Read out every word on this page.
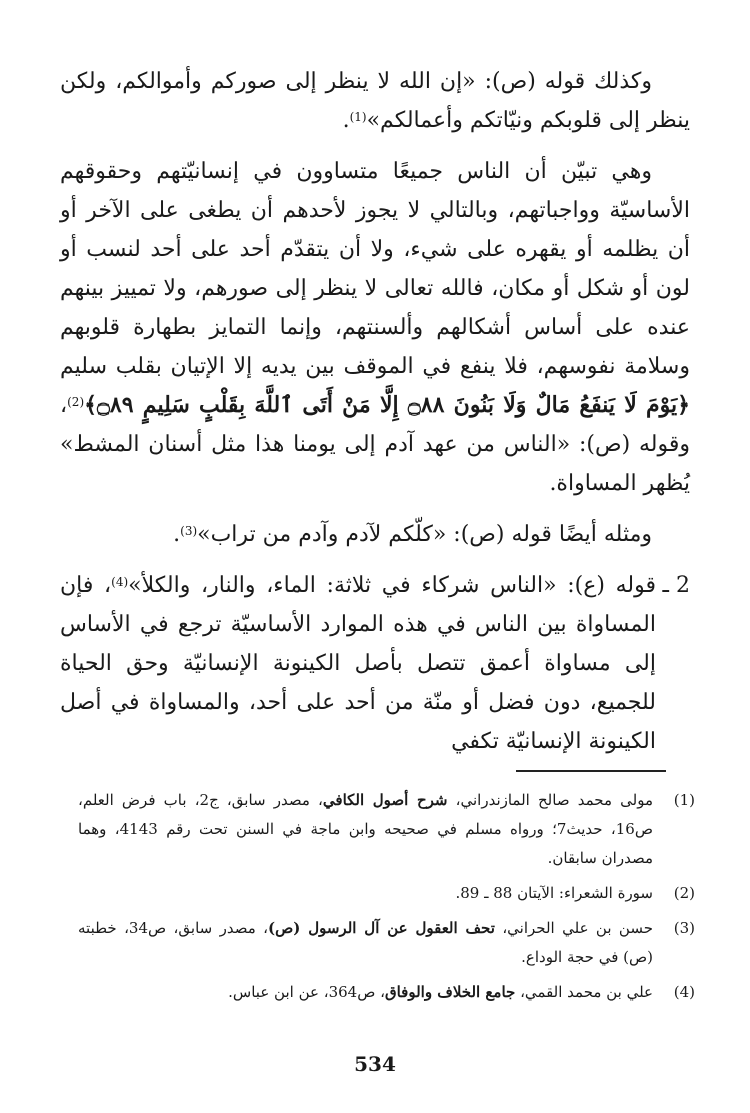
وكذلك قوله (ص): «إن الله لا ينظر إلى صوركم وأموالكم، ولكن ينظر إلى قلوبكم ونيّاتكم وأعمالكم»$^{(1)}$.

وهي تبيّن أن الناس جميعًا متساوون في إنسانيّتهم وحقوقهم الأساسيّة وواجباتهم، وبالتالي لا يجوز لأحدهم أن يطغى على الآخر أو أن يظلمه أو يقهره على شيء، ولا أن يتقدّم أحد على أحد لنسب أو لون أو شكل أو مكان، فالله تعالى لا ينظر إلى صورهم، ولا تمييز بينهم عنده على أساس أشكالهم وألسنتهم، وإنما التمايز بطهارة قلوبهم وسلامة نفوسهم، فلا ينفع في الموقف بين يديه إلا الإتيان بقلب سليم ﴿يَوْمَ لَا يَنفَعُ مَالٌ وَلَا بَنُونَ ۝٨٨ إِلَّا مَنْ أَتَى ٱللَّهَ بِقَلْبٍ سَلِيمٍ ۝٨٩﴾$^{(2)}$، وقوله (ص): «الناس من عهد آدم إلى يومنا هذا مثل أسنان المشط» يُظهر المساواة.

ومثله أيضًا قوله (ص): «كلّكم لآدم وآدم من تراب»$^{(3)}$.

2 ـ

قوله (ع): «الناس شركاء في ثلاثة: الماء، والنار، والكلأ»$^{(4)}$، فإن المساواة بين الناس في هذه الموارد الأساسيّة ترجع في الأساس إلى مساواة أعمق تتصل بأصل الكينونة الإنسانيّة وحق الحياة للجميع، دون فضل أو منّة من أحد على أحد، والمساواة في أصل الكينونة الإنسانيّة تكفي

(1)
مولى محمد صالح المازندراني، شرح أصول الكافي، مصدر سابق، ج2، باب فرض العلم، ص16، حديث7؛ ورواه مسلم في صحيحه وابن ماجة في السنن تحت رقم 4143، وهما مصدران سابقان.
(2)
سورة الشعراء: الآيتان 88 ـ 89.
(3)
حسن بن علي الحراني، تحف العقول عن آل الرسول (ص)، مصدر سابق، ص34، خطبته (ص) في حجة الوداع.
(4)
علي بن محمد القمي، جامع الخلاف والوفاق، ص364، عن ابن عباس.
534
